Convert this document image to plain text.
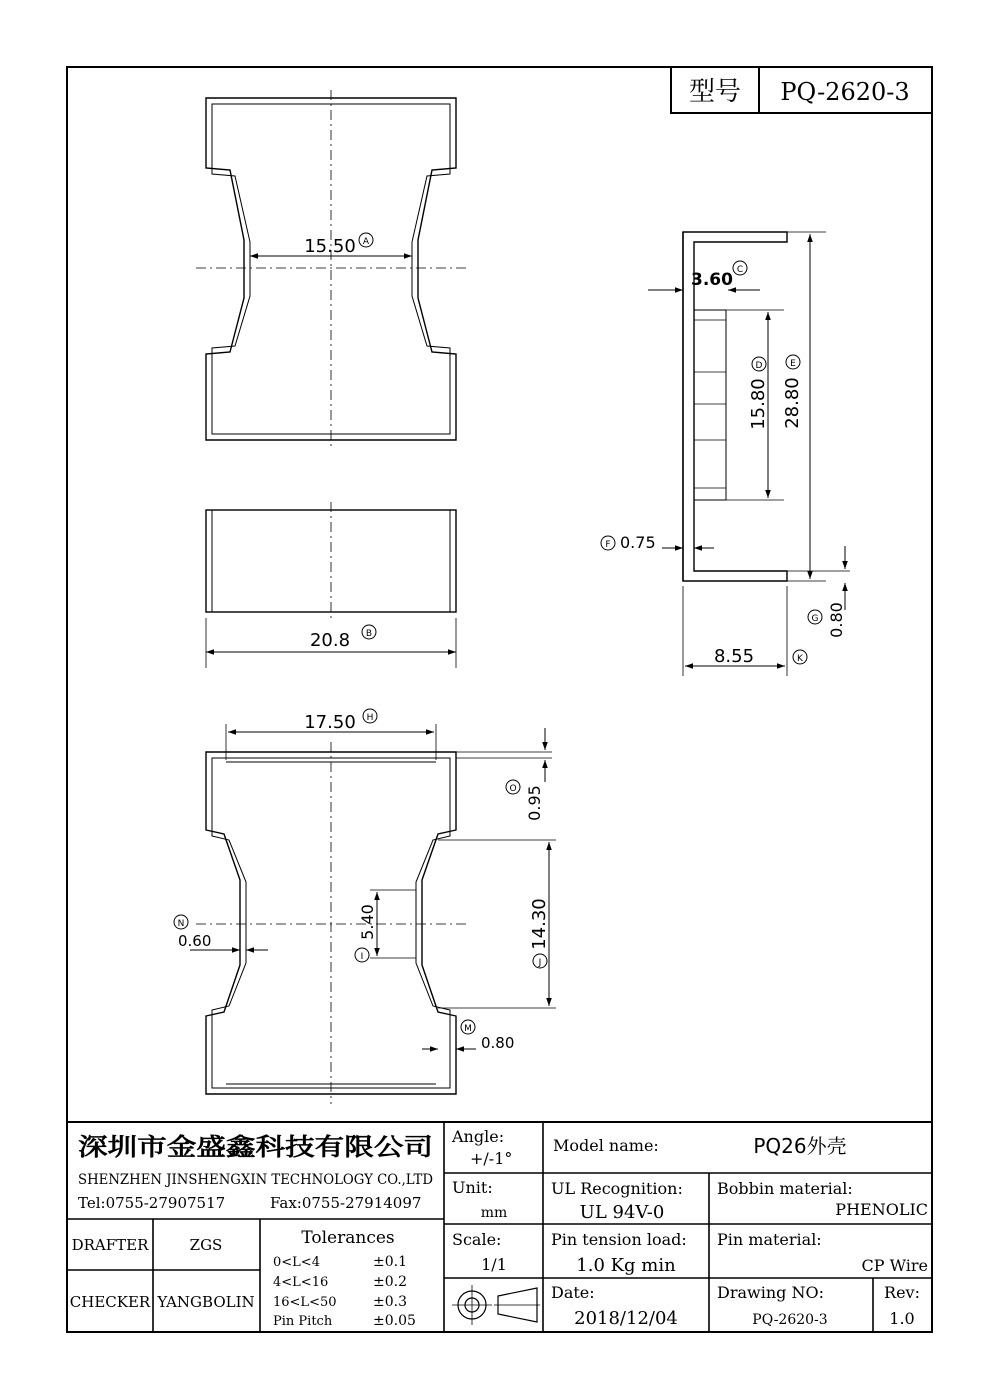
型号 PQ-2620-3
15.50 A
20.8 B
3.60 C
15.80
D
28.80
E
F 0.75
0.80
G
8.55	K
17.50 H
O 0.95
5.40
I
14.30
J
N
0.60
M
0.80
深圳市金盛鑫科技有限公司
SHENZHEN JINSHENGXIN TECHNOLOGY CO.,LTD
Tel:0755-27907517	Fax:0755-27914097
DRAFTER	ZGS
CHECKER YANGBOLIN
Tolerances
0<L<4	±0.1
4<L<16	±0.2
16<L<50	±0.3
Pin Pitch	±0.05
Angle:
+/-1°
Unit:
mm
Scale:
1/1
Model name:	PQ26外壳
UL Recognition:
UL 94V-0
Bobbin material:
PHENOLIC
Pin tension load:
1.0 Kg min
Pin material:
CP Wire
Date:
2018/12/04
Drawing NO:
PQ-2620-3
Rev:
1.0
